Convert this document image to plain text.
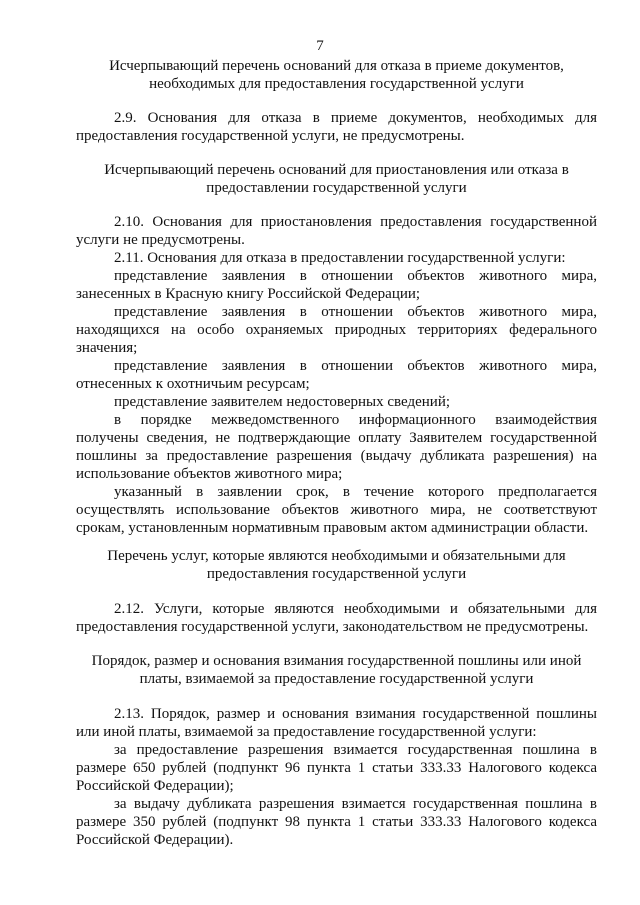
7
Исчерпывающий перечень оснований для отказа в приеме документов,
необходимых для предоставления государственной услуги
2.9. Основания для отказа в приеме документов, необходимых для
предоставления государственной услуги, не предусмотрены.
Исчерпывающий перечень оснований для приостановления или отказа в
предоставлении государственной услуги
2.10. Основания для приостановления предоставления государственной
услуги не предусмотрены.
2.11. Основания для отказа в предоставлении государственной услуги:
представление заявления в отношении объектов животного мира,
занесенных в Красную книгу Российской Федерации;
представление заявления в отношении объектов животного мира,
находящихся на особо охраняемых природных территориях федерального
значения;
представление заявления в отношении объектов животного мира,
отнесенных к охотничьим ресурсам;
представление заявителем недостоверных сведений;
в порядке межведомственного информационного взаимодействия
получены сведения, не подтверждающие оплату Заявителем государственной
пошлины за предоставление разрешения (выдачу дубликата разрешения) на
использование объектов животного мира;
указанный в заявлении срок, в течение которого предполагается
осуществлять использование объектов животного мира, не соответствуют
срокам, установленным нормативным правовым актом администрации области.
Перечень услуг, которые являются необходимыми и обязательными для
предоставления государственной услуги
2.12. Услуги, которые являются необходимыми и обязательными для
предоставления государственной услуги, законодательством не предусмотрены.
Порядок, размер и основания взимания государственной пошлины или иной
платы, взимаемой за предоставление государственной услуги
2.13. Порядок, размер и основания взимания государственной пошлины
или иной платы, взимаемой за предоставление государственной услуги:
за предоставление разрешения взимается государственная пошлина в
размере 650 рублей (подпункт 96 пункта 1 статьи 333.33 Налогового кодекса
Российской Федерации);
за выдачу дубликата разрешения взимается государственная пошлина в
размере 350 рублей (подпункт 98 пункта 1 статьи 333.33 Налогового кодекса
Российской Федерации).
